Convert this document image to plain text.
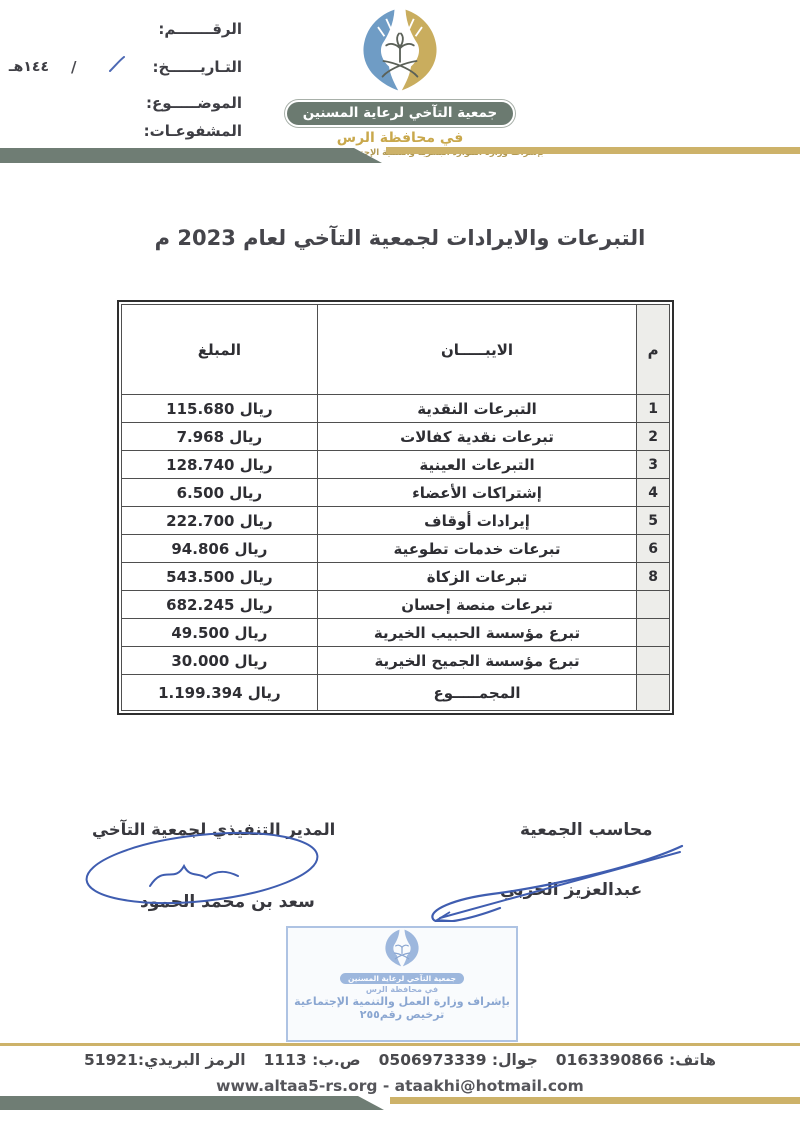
الرقـــــــم:
التـاريــــــخ:
/
١٤٤هـ
الموضـــــوع:
المشفوعـات:
جمعية التآخي لرعاية المسنين
في محافظة الرس
التبرعات والايرادات لجمعية التآخي لعام 2023 م
م	الايبـــــان	المبلغ
1	التبرعات النقدية	115.680 ريال
2	تبرعات نقدية كفالات	7.968 ريال
3	التبرعات العينية	128.740 ريال
4	إشتراكات الأعضاء	6.500 ريال
5	إيرادات أوقاف	222.700 ريال
6	تبرعات خدمات تطوعية	94.806 ريال
8	تبرعات الزكاة	543.500 ريال
	تبرعات منصة إحسان	682.245 ريال
	تبرع مؤسسة الحبيب الخيرية	49.500 ريال
	تبرع مؤسسة الجميح الخيرية	30.000 ريال
	المجمـــــوع	1.199.394 ريال
محاسب الجمعية
عبدالعزيز الحربي
المدير التنفيذي لجمعية التآخي
سعد بن محمد الحمود
جمعية التآخي لرعاية المسنين
في محافظة الرس
بإشراف وزارة العمل والتنمية الإجتماعية
ترخيص رقم٢٥٥
هاتف: 0163390866
جوال: 0506973339
ص.ب: 1113
الرمز البريدي:51921
www.altaa5-rs.org - ataakhi@hotmail.com
